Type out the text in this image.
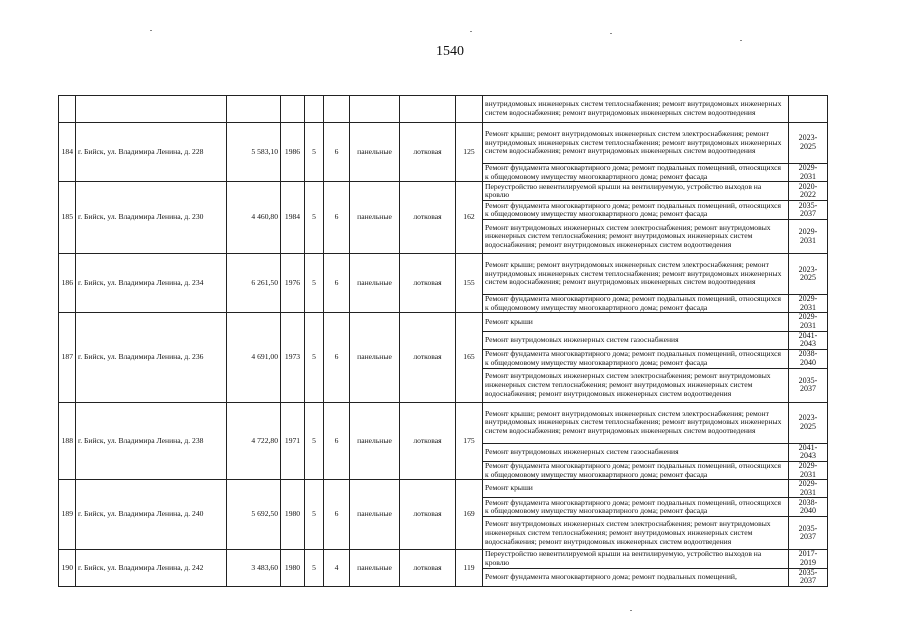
1540
									внутридомовых инженерных систем теплоснабжения; ремонт внутридомовых инженерных систем водоснабжения; ремонт внутридомовых инженерных систем водоотведения	
184	г. Бийск, ул. Владимира Ленина, д. 228	5 583,10	1986	5	6	панельные	лотковая	125	Ремонт крыши; ремонт внутридомовых инженерных систем электроснабжения; ремонт внутридомовых инженерных систем теплоснабжения; ремонт внутридомовых инженерных систем водоснабжения; ремонт внутридомовых инженерных систем водоотведения	2023-2025
									Ремонт фундамента многоквартирного дома; ремонт подвальных помещений, относящихся к общедомовому имуществу многоквартирного дома; ремонт фасада	2029-2031
185	г. Бийск, ул. Владимира Ленина, д. 230	4 460,80	1984	5	6	панельные	лотковая	162	Переустройство невентилируемой крыши на вентилируемую, устройство выходов на кровлю	2020-2022
									Ремонт фундамента многоквартирного дома; ремонт подвальных помещений, относящихся к общедомовому имуществу многоквартирного дома; ремонт фасада	2035-2037
									Ремонт внутридомовых инженерных систем электроснабжения; ремонт внутридомовых инженерных систем теплоснабжения; ремонт внутридомовых инженерных систем водоснабжения; ремонт внутридомовых инженерных систем водоотведения	2029-2031
186	г. Бийск, ул. Владимира Ленина, д. 234	6 261,50	1976	5	6	панельные	лотковая	155	Ремонт крыши; ремонт внутридомовых инженерных систем электроснабжения; ремонт внутридомовых инженерных систем теплоснабжения; ремонт внутридомовых инженерных систем водоснабжения; ремонт внутридомовых инженерных систем водоотведения	2023-2025
									Ремонт фундамента многоквартирного дома; ремонт подвальных помещений, относящихся к общедомовому имуществу многоквартирного дома; ремонт фасада	2029-2031
187	г. Бийск, ул. Владимира Ленина, д. 236	4 691,00	1973	5	6	панельные	лотковая	165	Ремонт крыши	2029-2031
									Ремонт внутридомовых инженерных систем газоснабжения	2041-2043
									Ремонт фундамента многоквартирного дома; ремонт подвальных помещений, относящихся к общедомовому имуществу многоквартирного дома; ремонт фасада	2038-2040
									Ремонт внутридомовых инженерных систем электроснабжения; ремонт внутридомовых инженерных систем теплоснабжения; ремонт внутридомовых инженерных систем водоснабжения; ремонт внутридомовых инженерных систем водоотведения	2035-2037
188	г. Бийск, ул. Владимира Ленина, д. 238	4 722,80	1971	5	6	панельные	лотковая	175	Ремонт крыши; ремонт внутридомовых инженерных систем электроснабжения; ремонт внутридомовых инженерных систем теплоснабжения; ремонт внутридомовых инженерных систем водоснабжения; ремонт внутридомовых инженерных систем водоотведения	2023-2025
									Ремонт внутридомовых инженерных систем газоснабжения	2041-2043
									Ремонт фундамента многоквартирного дома; ремонт подвальных помещений, относящихся к общедомовому имуществу многоквартирного дома; ремонт фасада	2029-2031
189	г. Бийск, ул. Владимира Ленина, д. 240	5 692,50	1980	5	6	панельные	лотковая	169	Ремонт крыши	2029-2031
									Ремонт фундамента многоквартирного дома; ремонт подвальных помещений, относящихся к общедомовому имуществу многоквартирного дома; ремонт фасада	2038-2040
									Ремонт внутридомовых инженерных систем электроснабжения; ремонт внутридомовых инженерных систем теплоснабжения; ремонт внутридомовых инженерных систем водоснабжения; ремонт внутридомовых инженерных систем водоотведения	2035-2037
190	г. Бийск, ул. Владимира Ленина, д. 242	3 483,60	1980	5	4	панельные	лотковая	119	Переустройство невентилируемой крыши на вентилируемую, устройство выходов на кровлю	2017-2019
									Ремонт фундамента многоквартирного дома; ремонт подвальных помещений,	2035-2037
